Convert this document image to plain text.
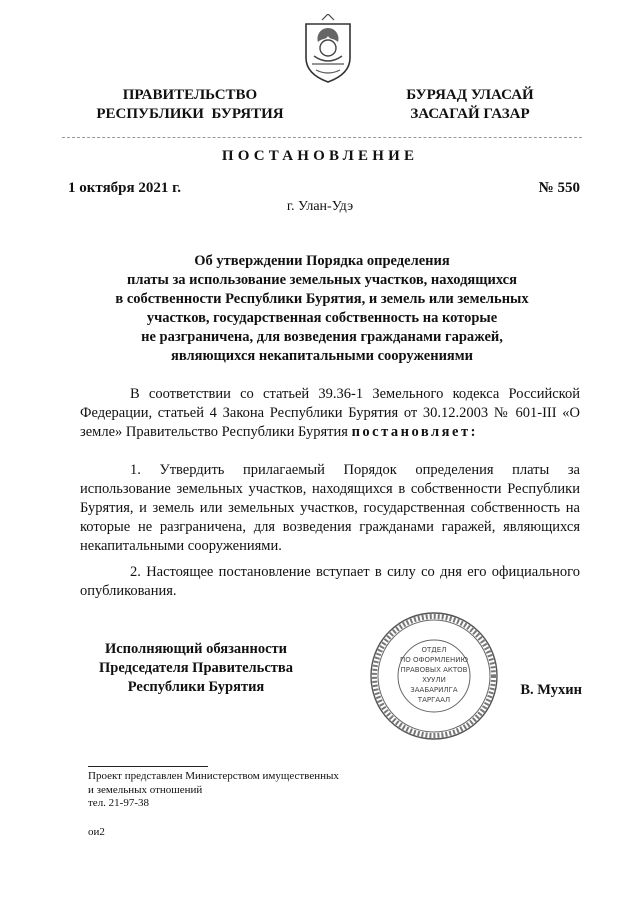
ПРАВИТЕЛЬСТВО
РЕСПУБЛИКИ  БУРЯТИЯ
БУРЯАД УЛАСАЙ
ЗАСАГАЙ ГАЗАР
ПОСТАНОВЛЕНИЕ
1 октября 2021 г.	№ 550
г. Улан-Удэ
Об утверждении Порядка определения
платы за использование земельных участков, находящихся
в собственности Республики Бурятия, и земель или земельных
участков, государственная собственность на которые
не разграничена, для возведения гражданами гаражей,
являющихся некапитальными сооружениями
В соответствии со статьей 39.36-1 Земельного кодекса Российской Федерации, статьей 4 Закона Республики Бурятия от 30.12.2003 № 601-III «О земле» Правительство Республики Бурятия постановляет:
1. Утвердить прилагаемый Порядок определения платы за использование земельных участков, находящихся в собственности Республики Бурятия, и земель или земельных участков, государственная собственность на которые не разграничена, для возведения гражданами гаражей, являющихся некапитальными сооружениями.
2. Настоящее постановление вступает в силу со дня его официального опубликования.
Исполняющий обязанности
Председателя Правительства
Республики Бурятия
ОТДЕЛ
ПО ОФОРМЛЕНИЮ
ПРАВОВЫХ АКТОВ
ХУУЛИ
ЗААБАРИЛГА
ТАРГААЛ
В. Мухин
Проект представлен Министерством имущественных
и земельных отношений
тел. 21-97-38
ои2
